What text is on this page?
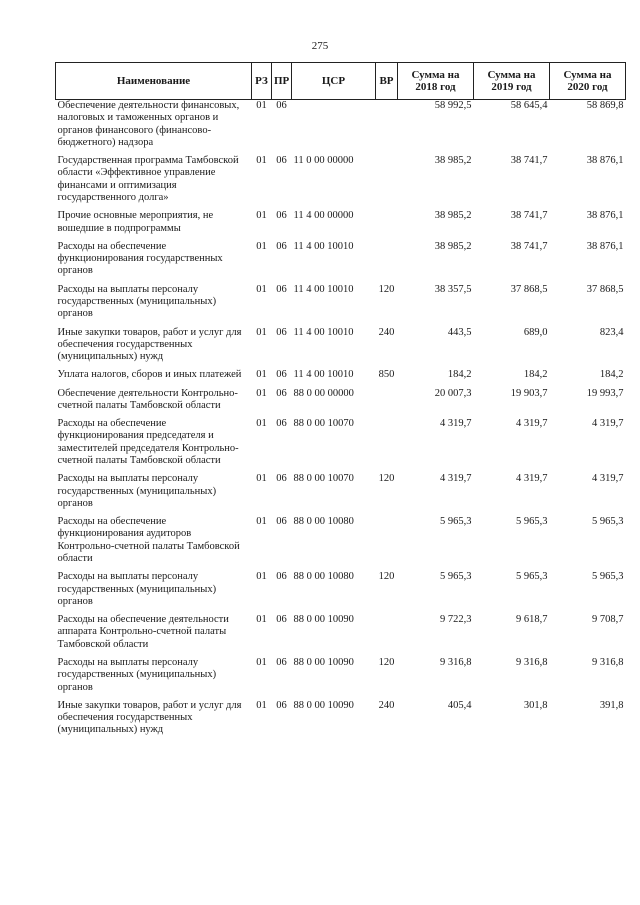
275
Наименование	РЗ	ПР	ЦСР	ВР	Сумма на 2018 год	Сумма на 2019 год	Сумма на 2020 год
Обеспечение деятельности финансовых, налоговых и таможенных органов и органов финансового (финансово-бюджетного) надзора	01	06			58 992,5	58 645,4	58 869,8
Государственная программа Тамбовской области «Эффективное управление финансами и оптимизация государственного долга»	01	06	11 0 00 00000		38 985,2	38 741,7	38 876,1
Прочие основные мероприятия, не вошедшие в подпрограммы	01	06	11 4 00 00000		38 985,2	38 741,7	38 876,1
Расходы на обеспечение функционирования государственных органов	01	06	11 4 00 10010		38 985,2	38 741,7	38 876,1
Расходы на выплаты персоналу государственных (муниципальных) органов	01	06	11 4 00 10010	120	38 357,5	37 868,5	37 868,5
Иные закупки товаров, работ и услуг для обеспечения государственных (муниципальных) нужд	01	06	11 4 00 10010	240	443,5	689,0	823,4
Уплата налогов, сборов и иных платежей	01	06	11 4 00 10010	850	184,2	184,2	184,2
Обеспечение деятельности Контрольно-счетной палаты Тамбовской области	01	06	88 0 00 00000		20 007,3	19 903,7	19 993,7
Расходы на обеспечение функционирования председателя и заместителей председателя Контрольно-счетной палаты Тамбовской области	01	06	88 0 00 10070		4 319,7	4 319,7	4 319,7
Расходы на выплаты персоналу государственных (муниципальных) органов	01	06	88 0 00 10070	120	4 319,7	4 319,7	4 319,7
Расходы на обеспечение функционирования аудиторов Контрольно-счетной палаты Тамбовской области	01	06	88 0 00 10080		5 965,3	5 965,3	5 965,3
Расходы на выплаты персоналу государственных (муниципальных) органов	01	06	88 0 00 10080	120	5 965,3	5 965,3	5 965,3
Расходы на обеспечение деятельности аппарата Контрольно-счетной палаты Тамбовской области	01	06	88 0 00 10090		9 722,3	9 618,7	9 708,7
Расходы на выплаты персоналу государственных (муниципальных) органов	01	06	88 0 00 10090	120	9 316,8	9 316,8	9 316,8
Иные закупки товаров, работ и услуг для обеспечения государственных (муниципальных) нужд	01	06	88 0 00 10090	240	405,4	301,8	391,8
